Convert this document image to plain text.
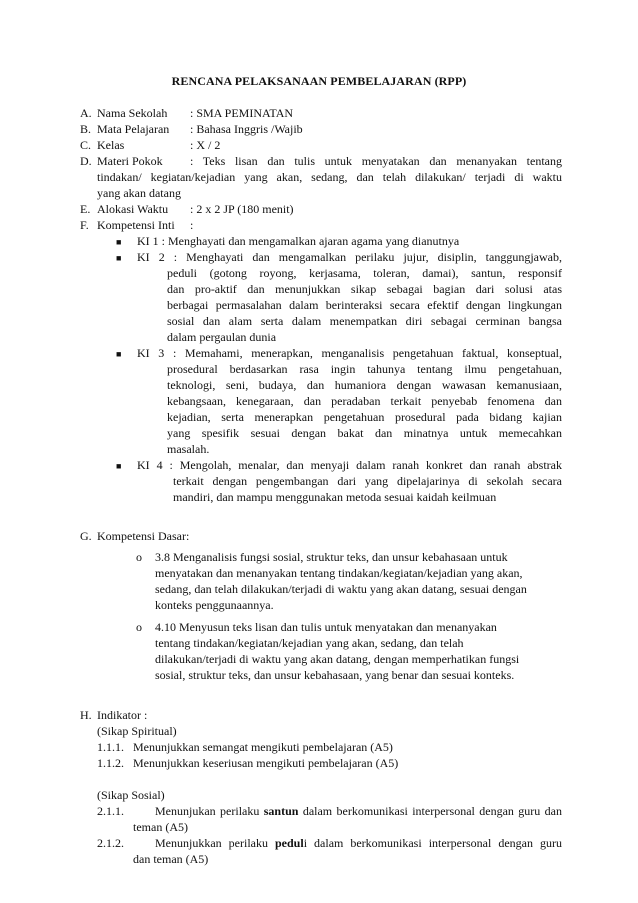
RENCANA PELAKSANAAN PEMBELAJARAN (RPP)
A. Nama Sekolah : SMA PEMINATAN
B. Mata Pelajaran : Bahasa Inggris /Wajib
C. Kelas	: X / 2
D. Materi Pokok : Teks lisan dan tulis untuk menyatakan dan menanyakan tentang
tindakan/ kegiatan/kejadian yang akan, sedang, dan telah dilakukan/ terjadi di waktu
yang akan datang
E. Alokasi Waktu : 2 x 2 JP (180 menit)
F. Kompetensi Inti :
■ KI 1 : Menghayati dan mengamalkan ajaran agama yang dianutnya
■ KI 2 : Menghayati dan mengamalkan perilaku jujur, disiplin, tanggungjawab,
peduli (gotong royong, kerjasama, toleran, damai), santun, responsif
dan pro-aktif dan menunjukkan sikap sebagai bagian dari solusi atas
berbagai permasalahan dalam berinteraksi secara efektif dengan lingkungan
sosial dan alam serta dalam menempatkan diri sebagai cerminan bangsa
dalam pergaulan dunia
■ KI 3 : Memahami, menerapkan, menganalisis pengetahuan faktual, konseptual,
prosedural berdasarkan rasa ingin tahunya tentang ilmu pengetahuan,
teknologi, seni, budaya, dan humaniora dengan wawasan kemanusiaan,
kebangsaan, kenegaraan, dan peradaban terkait penyebab fenomena dan
kejadian, serta menerapkan pengetahuan prosedural pada bidang kajian
yang spesifik sesuai dengan bakat dan minatnya untuk memecahkan
masalah.
■ KI 4 : Mengolah, menalar, dan menyaji dalam ranah konkret dan ranah abstrak
terkait dengan pengembangan dari yang dipelajarinya di sekolah secara
mandiri, dan mampu menggunakan metoda sesuai kaidah keilmuan
G. Kompetensi Dasar:
o 3.8 Menganalisis fungsi sosial, struktur teks, dan unsur kebahasaan untuk
menyatakan dan menanyakan tentang tindakan/kegiatan/kejadian yang akan,
sedang, dan telah dilakukan/terjadi di waktu yang akan datang, sesuai dengan
konteks penggunaannya.
o 4.10 Menyusun teks lisan dan tulis untuk menyatakan dan menanyakan
tentang tindakan/kegiatan/kejadian yang akan, sedang, dan telah
dilakukan/terjadi di waktu yang akan datang, dengan memperhatikan fungsi
sosial, struktur teks, dan unsur kebahasaan, yang benar dan sesuai konteks.
H. Indikator :
(Sikap Spiritual)
1.1.1. Menunjukkan semangat mengikuti pembelajaran (A5)
1.1.2. Menunjukkan keseriusan mengikuti pembelajaran (A5)
(Sikap Sosial)
2.1.1.	Menunjukan perilaku santun dalam berkomunikasi interpersonal dengan guru dan
teman (A5)
2.1.2.	Menunjukkan perilaku peduli dalam berkomunikasi interpersonal dengan guru
dan teman (A5)
